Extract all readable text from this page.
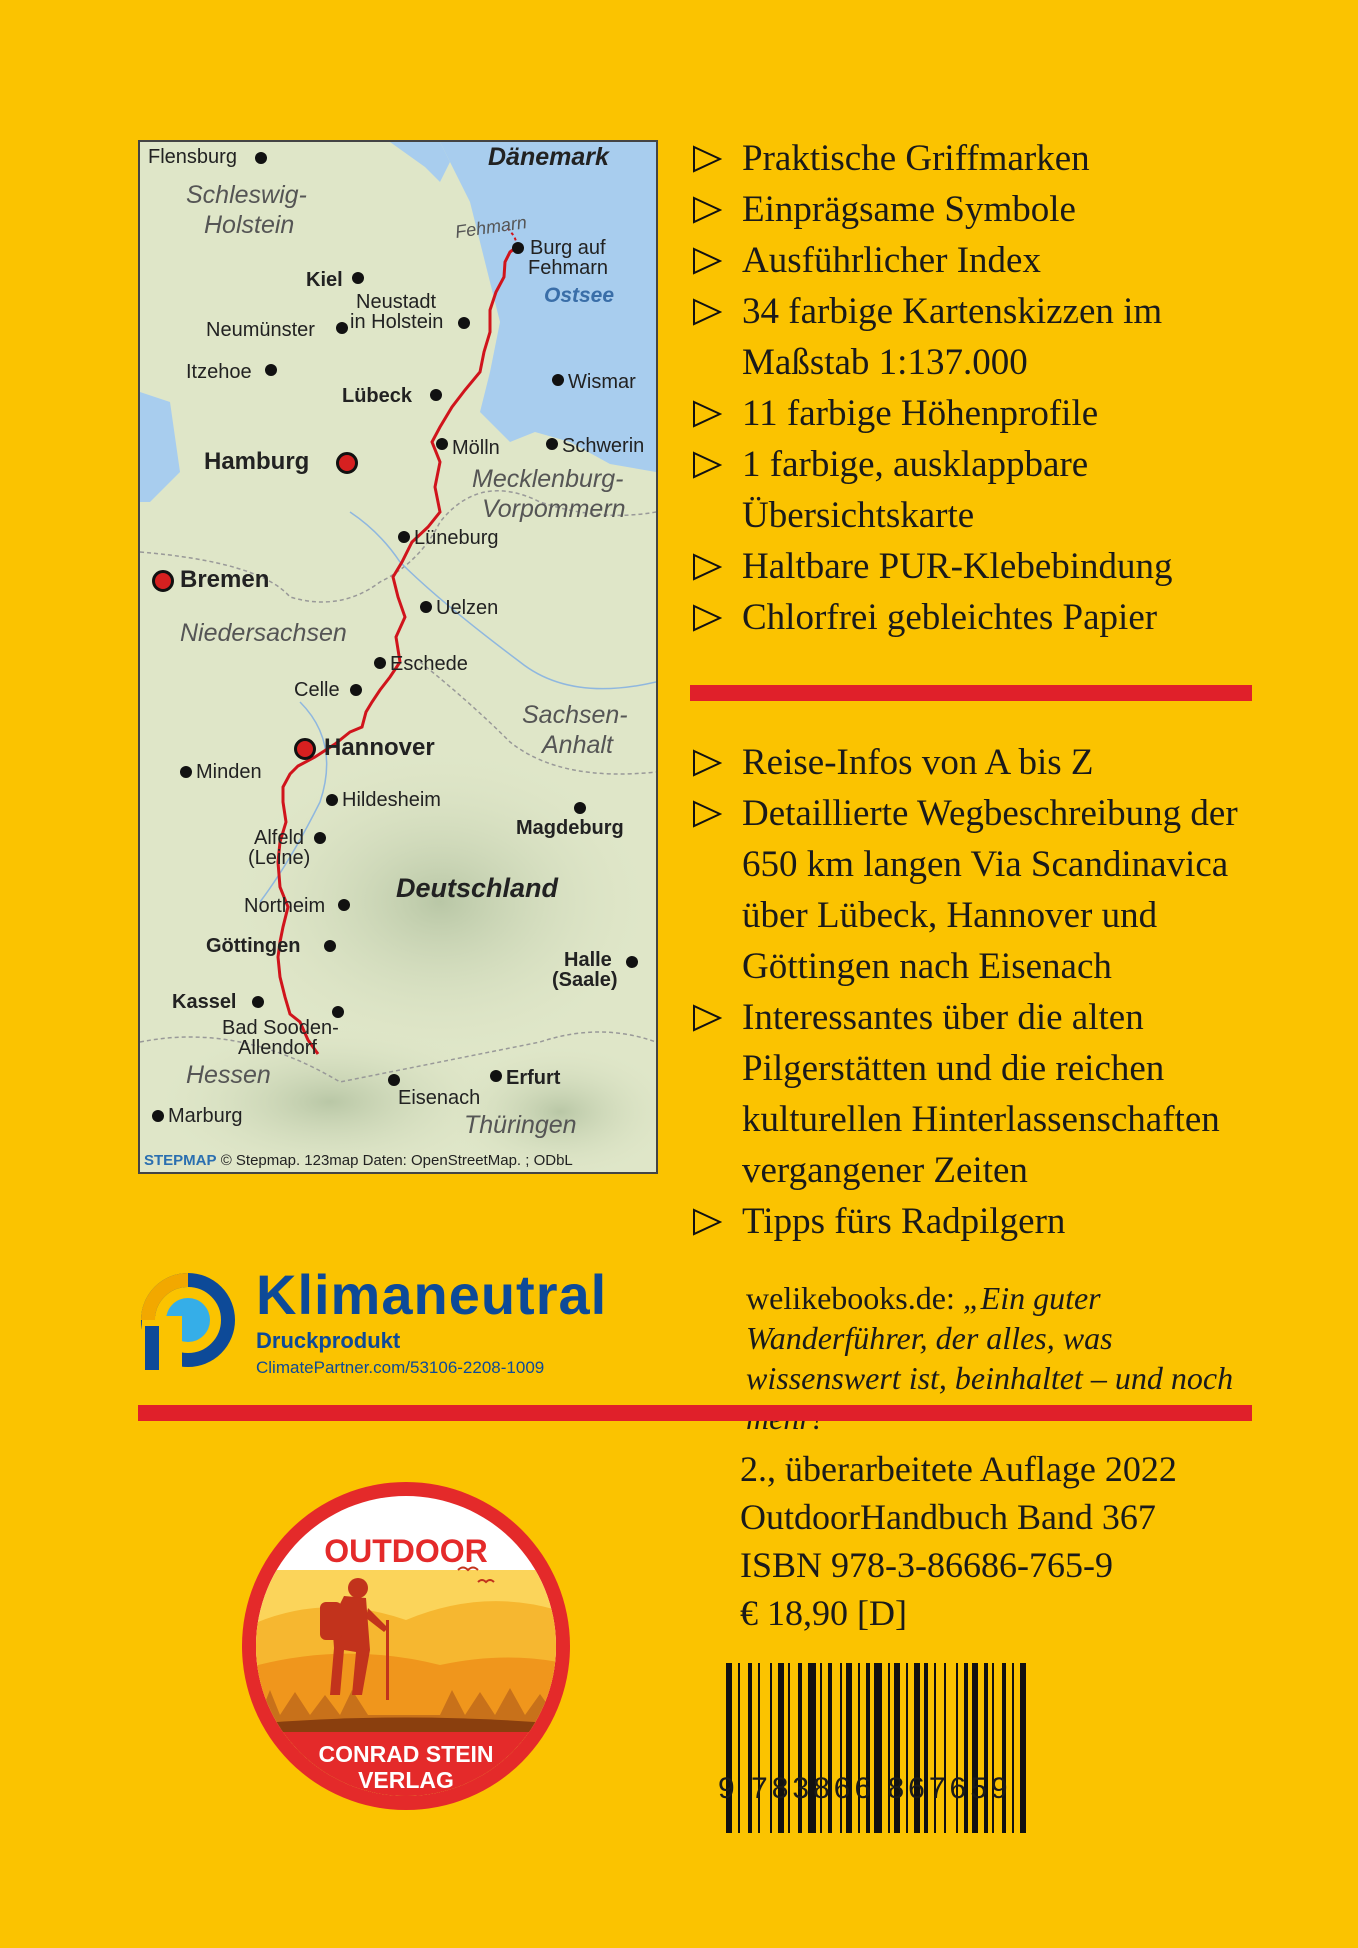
Flensburg	Dänemark
Schleswig-
Holstein	Fehmarn
Burg auf
Fehmarn
Kiel
Ostsee
Neustadt
in Holstein
Neumünster
Itzehoe	Wismar
Lübeck
Mölln	Schwerin
Hamburg
Mecklenburg-
Vorpommern
Lüneburg
Bremen
Uelzen
Niedersachsen
Eschede
Celle
Sachsen-
Anhalt
Hannover
Minden
Hildesheim
Magdeburg
Alfeld
(Leine)
Deutschland
Northeim
Göttingen
Halle
(Saale)
Kassel
Bad Sooden-
Allendorf
Hessen	Erfurt
Eisenach
Marburg	Thüringen
STEPMAP © Stepmap. 123map Daten: OpenStreetMap. ; ODbL
Praktische Griffmarken
Einprägsame Symbole
Ausführlicher Index
34 farbige Kartenskizzen im Maßstab 1:137.000
11 farbige Höhenprofile
1 farbige, ausklappbare Übersichtskarte
Haltbare PUR-Klebebindung
Chlorfrei gebleichtes Papier
Reise-Infos von A bis Z
Detaillierte Wegbeschreibung der 650 km langen Via Scandinavica über Lübeck, Hannover und Göttingen nach Eisenach
Interessantes über die alten Pilgerstätten und die reichen kulturellen Hinterlassenschaften vergangener Zeiten
Tipps fürs Radpilgern
Klimaneutral
Druckprodukt
ClimatePartner.com/53106-2208-1009
welikebooks.de: „Ein guter Wanderführer, der alles, was wissenswert ist, beinhaltet – und noch
OUTDOOR
CONRAD STEIN
VERLAG
2., überarbeitete Auflage 2022
OutdoorHandbuch Band 367
ISBN 978-3-86686-765-9
€ 18,90 [D]
9 783866 867659
